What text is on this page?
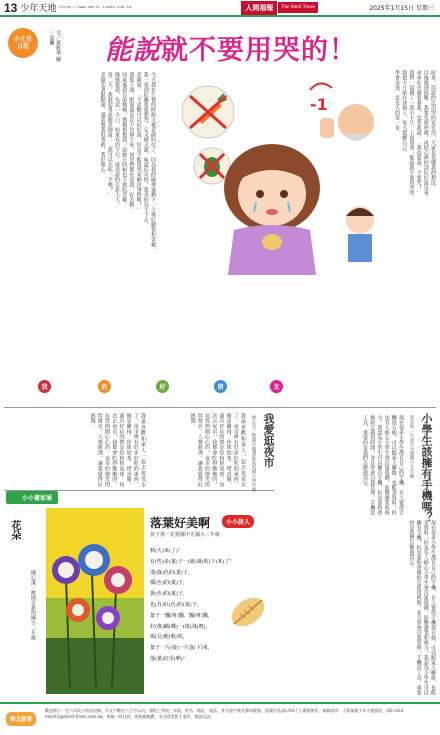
13 少年天地 https://www.merit-times.com.tw	人間福報	The Merit Times	2025年1月15日 星期三
小士豆
日記	文／黃筱華 圖／法蘭 能說就不要用哭的！

今天我在午餐的時候又被老師叫住了，因為我的碗裡還剩下一大堆紅蘿蔔和青椒。

我一看到紅蘿蔔就想哭，它又硬又甜，味道好奇怪，我真的吞不下去。

老師說：「不喜歡可以好好說，但是不能用哭來解決事情喔！」

我低下頭，眼淚還是忍不住掉下來，同學們都在看我，好丟臉。

回家後我告訴媽媽，媽媽抱抱我，說她小時候也不敢吃青椒。

媽媽教我，先試一小口，如果真的不行，就用說的告訴大人。

第二天，我鼓起勇氣跟老師說：「我可以先吃一半嗎？」

老師笑著點點頭，還誇獎我很勇敢，我好開心。	原來，用說的比用哭的更有用，大家也更懂我的想法。

以後遇到困難，我要先深呼吸，再把心裡的話好好說出來。

弟弟在旁邊看著我，也學我說：「我也要說，不要哭！」

我們一起做了一張小卡片，上面寫著：能說就不要用哭的。

我把卡片貼在冰箱上，每天提醒自己。

學會表達，是長大的第一步。

-1
我	的	好	朋	友
小學生該擁有手機嗎？
張宏昀／台北市永建國小五年級
現在很多小學生都有自己的手機，有人覺得手機很方便，可以跟家人聯絡，也能查資料；但也有人擔心小學生會沉迷遊戲，影響課業和視力。我認為小學生可以擁有手機，但是要和爸媽約定使用時間，並且學會自我管理。手機是工具，重要的是我們怎麼使用它。
我愛逛夜市
林芷宜／桃園市龍潭區高原國小四年級
我最喜歡和家人一起去逛夜市了。夜市裡有好多好吃的東西，像是雞排、珍珠奶茶、烤香腸，還有好玩的撈金魚和射氣球。每次去夜市，我都會吃得飽飽的，玩得開開心心的。夜市的燈光閃閃發亮，人聲鼎沸，讓我覺得好熱鬧。
我最喜歡和家人一起去逛夜市了。夜市裡有好多好吃的東西，像是雞排、珍珠奶茶、烤香腸，還有好玩的撈金魚和射氣球。每次去夜市，我都會吃得飽飽的，玩得開開心心的。夜市的燈光閃閃發亮，人聲鼎沸，讓我覺得好熱鬧。
現在很多小學生都有自己的手機，有人覺得手機很方便，可以跟家人聯絡，也能查資料；但也有人擔心小學生會沉迷遊戲，影響課業和視力。我認為小學生可以擁有手機，但是要和爸媽約定使用時間，並且學會自我管理。手機是工具，重要的是我們怎麼使用它。
落葉好美啊	小小詩人
黃子睿／花蓮縣中正國小三年級
秋(天)來(了)！
有(些)多(葉)子一(被)風(吹)下(來)了！
淺(綠)色的(葉)子，
橘(色)的(葉)子，
黃(色)的(葉)子，
也(有)紅(色)的(葉)子，
葉子一飄(呀)飄、飄(呀)飄，
好(像)蝴(蝶)一(樣)飛(舞)，
風(兒)輕(輕)吹，
葉子一片(接)一片落(下)來，
落(葉)好美(啊)！
小小畫家展
花朵
陳心潔／桃園市新明國小二年級
徵文啟事
歡迎國小一至六年級小朋友投稿，作文字數在八百字以內，請附上學校、年級、姓名、地址、電話、身分證字號及郵局帳號。插畫作品請以A4大小畫紙創作。來稿請寄：人間福報少年天地版收，或E-mail：mkart1@merit-times.com.tw。來稿一經刊登，即致贈稿費，未刊登者恕不退件，敬請見諒。
